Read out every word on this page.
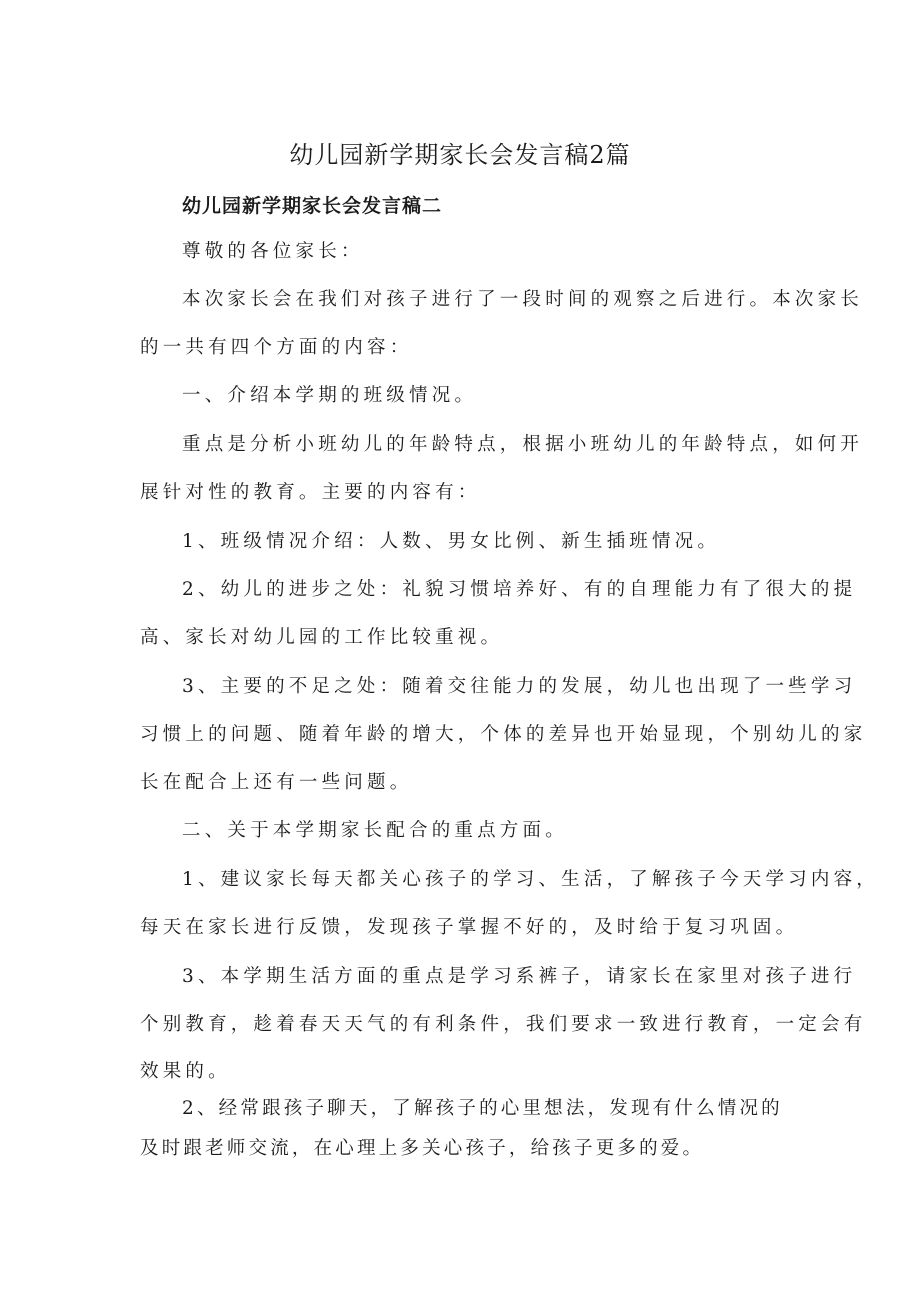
幼儿园新学期家长会发言稿2篇
幼儿园新学期家长会发言稿二
尊敬的各位家长：
本次家长会在我们对孩子进行了一段时间的观察之后进行。本次家长
的一共有四个方面的内容：
一、介绍本学期的班级情况。
重点是分析小班幼儿的年龄特点，根据小班幼儿的年龄特点，如何开
展针对性的教育。主要的内容有：
1、班级情况介绍：人数、男女比例、新生插班情况。
2、幼儿的进步之处：礼貌习惯培养好、有的自理能力有了很大的提
高、家长对幼儿园的工作比较重视。
3、主要的不足之处：随着交往能力的发展，幼儿也出现了一些学习
习惯上的问题、随着年龄的增大，个体的差异也开始显现，个别幼儿的家
长在配合上还有一些问题。
二、关于本学期家长配合的重点方面。
1、建议家长每天都关心孩子的学习、生活，了解孩子今天学习内容，
每天在家长进行反馈，发现孩子掌握不好的，及时给于复习巩固。
3、本学期生活方面的重点是学习系裤子，请家长在家里对孩子进行
个别教育，趁着春天天气的有利条件，我们要求一致进行教育，一定会有
效果的。
2、经常跟孩子聊天，了解孩子的心里想法，发现有什么情况的
及时跟老师交流，在心理上多关心孩子，给孩子更多的爱。
